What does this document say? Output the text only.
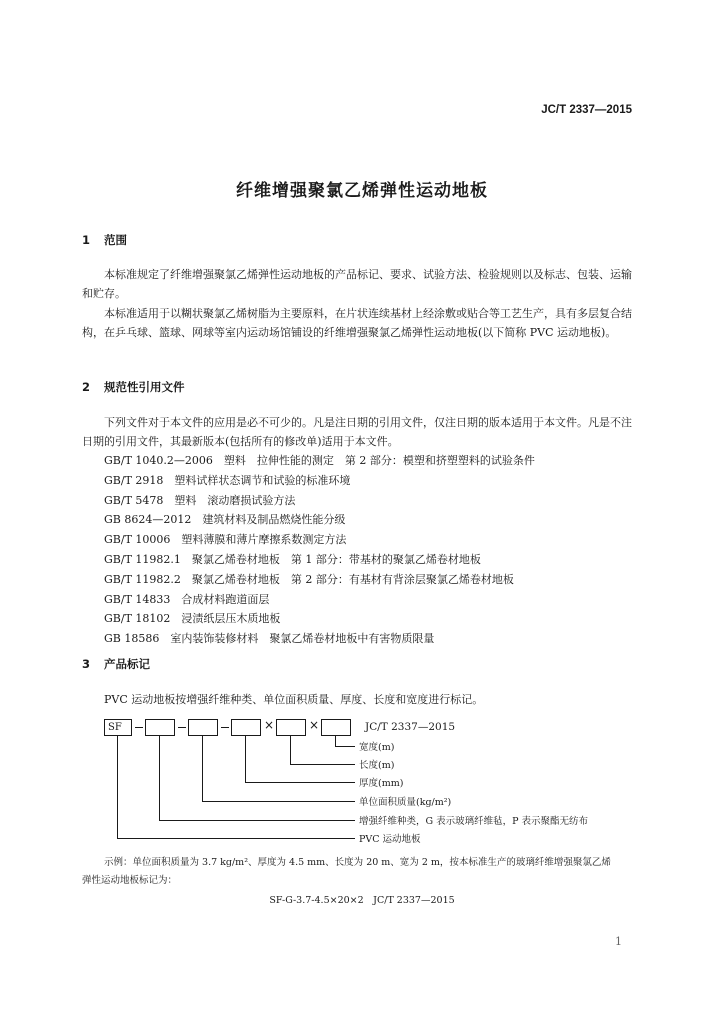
JC/T 2337—2015
纤维增强聚氯乙烯弹性运动地板
1 范围
本标准规定了纤维增强聚氯乙烯弹性运动地板的产品标记、要求、试验方法、检验规则以及标志、包装、运输和贮存。
本标准适用于以糊状聚氯乙烯树脂为主要原料，在片状连续基材上经涂敷或贴合等工艺生产，具有多层复合结构，在乒乓球、篮球、网球等室内运动场馆铺设的纤维增强聚氯乙烯弹性运动地板(以下简称 PVC 运动地板)。
2 规范性引用文件
下列文件对于本文件的应用是必不可少的。凡是注日期的引用文件，仅注日期的版本适用于本文件。凡是不注日期的引用文件，其最新版本(包括所有的修改单)适用于本文件。
GB/T 1040.2—2006　塑料　拉伸性能的测定　第 2 部分：模塑和挤塑塑料的试验条件
GB/T 2918　塑料试样状态调节和试验的标准环境
GB/T 5478　塑料　滚动磨损试验方法
GB 8624—2012　建筑材料及制品燃烧性能分级
GB/T 10006　塑料薄膜和薄片摩擦系数测定方法
GB/T 11982.1　聚氯乙烯卷材地板　第 1 部分：带基材的聚氯乙烯卷材地板
GB/T 11982.2　聚氯乙烯卷材地板　第 2 部分：有基材有背涂层聚氯乙烯卷材地板
GB/T 14833　合成材料跑道面层
GB/T 18102　浸渍纸层压木质地板
GB 18586　室内装饰装修材料　聚氯乙烯卷材地板中有害物质限量
3 产品标记
PVC 运动地板按增强纤维种类、单位面积质量、厚度、长度和宽度进行标记。
SF	×	×	JC/T 2337—2015
宽度(m)
长度(m)
厚度(mm)
单位面积质量(kg/m²)
增强纤维种类，G 表示玻璃纤维毡，P 表示聚酯无纺布
PVC 运动地板
示例：单位面积质量为 3.7 kg/m²、厚度为 4.5 mm、长度为 20 m、宽为 2 m，按本标准生产的玻璃纤维增强聚氯乙烯
弹性运动地板标记为：
SF-G-3.7-4.5×20×2　JC/T 2337—2015
1
